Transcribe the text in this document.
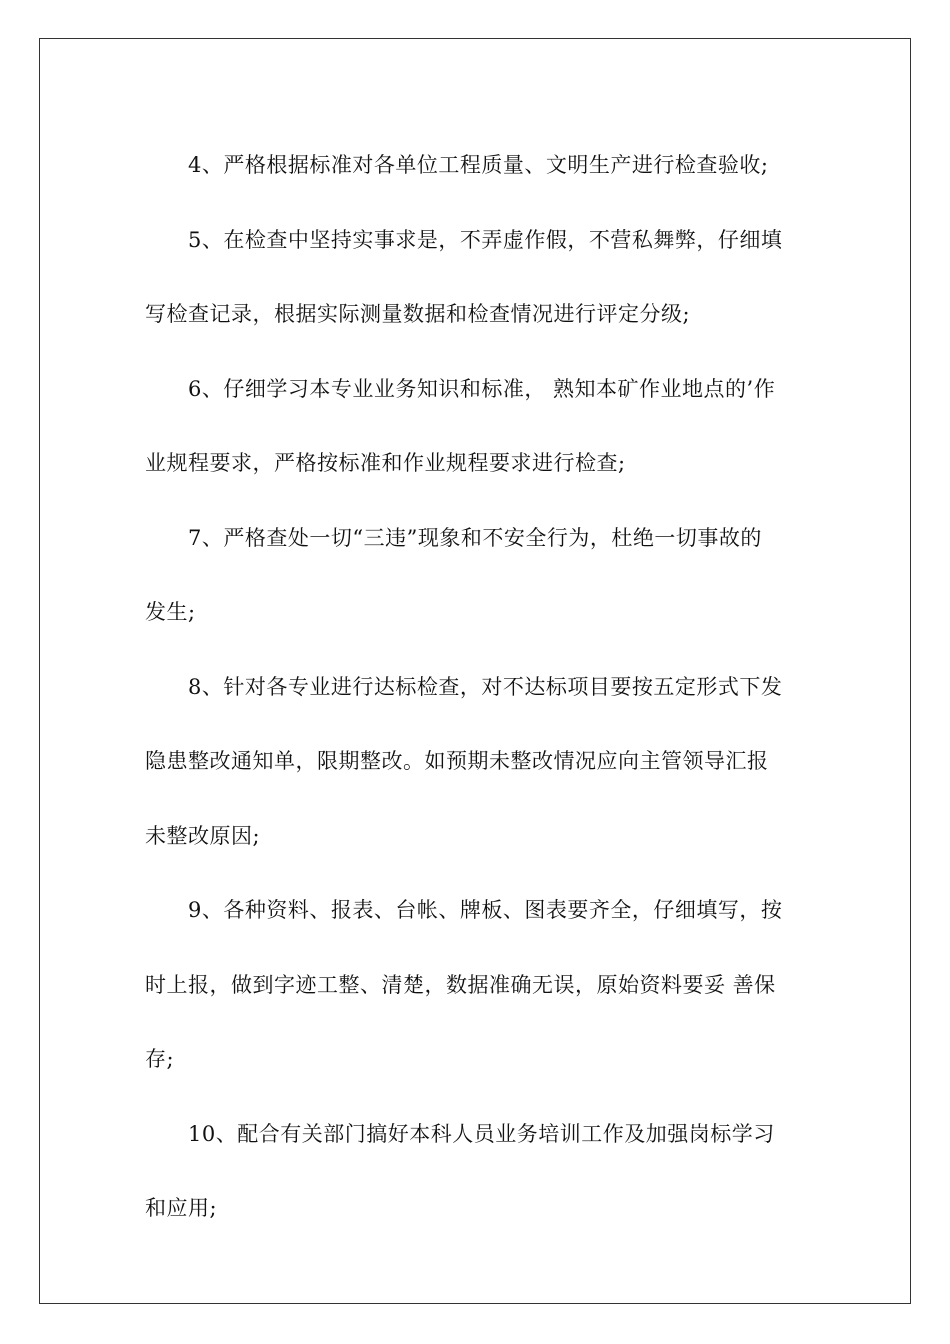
4、严格根据标准对各单位工程质量、文明生产进行检查验收;

5、在检查中坚持实事求是，不弄虚作假，不营私舞弊，仔细填
写检查记录，根据实际测量数据和检查情况进行评定分级;

6、仔细学习本专业业务知识和标准， 熟知本矿作业地点的’作
业规程要求，严格按标准和作业规程要求进行检查;

7、严格查处一切“三违”现象和不安全行为，杜绝一切事故的
发生;

8、针对各专业进行达标检查，对不达标项目要按五定形式下发
隐患整改通知单，限期整改。如预期未整改情况应向主管领导汇报
未整改原因;

9、各种资料、报表、台帐、牌板、图表要齐全，仔细填写，按
时上报，做到字迹工整、清楚，数据准确无误，原始资料要妥 善保
存;

10、配合有关部门搞好本科人员业务培训工作及加强岗标学习
和应用;
